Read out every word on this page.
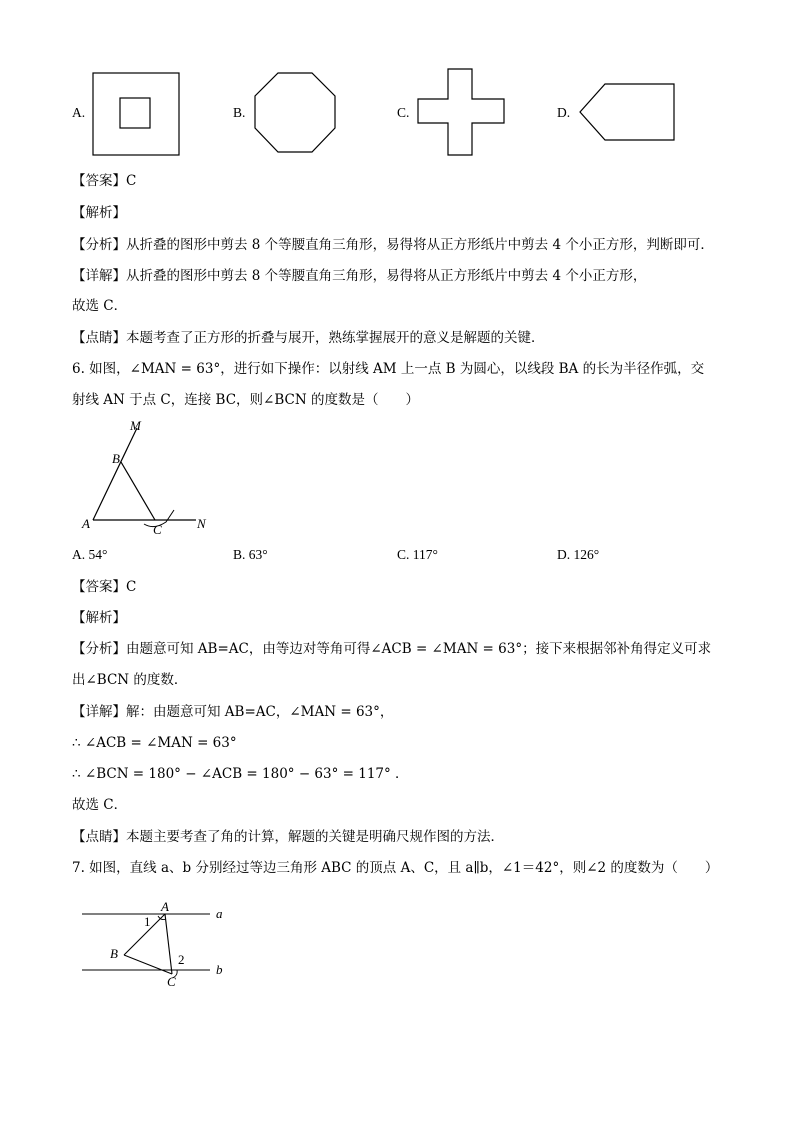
A.	B.	C.	D.
【答案】C
【解析】
【分析】从折叠的图形中剪去 8 个等腰直角三角形，易得将从正方形纸片中剪去 4 个小正方形，判断即可．
【详解】从折叠的图形中剪去 8 个等腰直角三角形，易得将从正方形纸片中剪去 4 个小正方形，
故选 C．
【点睛】本题考查了正方形的折叠与展开，熟练掌握展开的意义是解题的关键．
6. 如图，∠MAN = 63°，进行如下操作：以射线 AM 上一点 B 为圆心，以线段 BA 的长为半径作弧，交
射线 AN 于点 C，连接 BC，则∠BCN 的度数是（　　）
M
B
A	C	N
A. 54°	B. 63°	C. 117°	D. 126°
【答案】C
【解析】
【分析】由题意可知 AB=AC，由等边对等角可得∠ACB = ∠MAN = 63°；接下来根据邻补角得定义可求
出∠BCN 的度数．
【详解】解：由题意可知 AB=AC，∠MAN = 63°，
∴ ∠ACB = ∠MAN = 63°
∴ ∠BCN = 180° − ∠ACB = 180° − 63° = 117° ．
故选 C．
【点睛】本题主要考查了角的计算，解题的关键是明确尺规作图的方法．
7. 如图，直线 a、b 分别经过等边三角形 ABC 的顶点 A、C，且 a∥b，∠1＝42°，则∠2 的度数为（　　）
A	a
1
B	2
C
b
